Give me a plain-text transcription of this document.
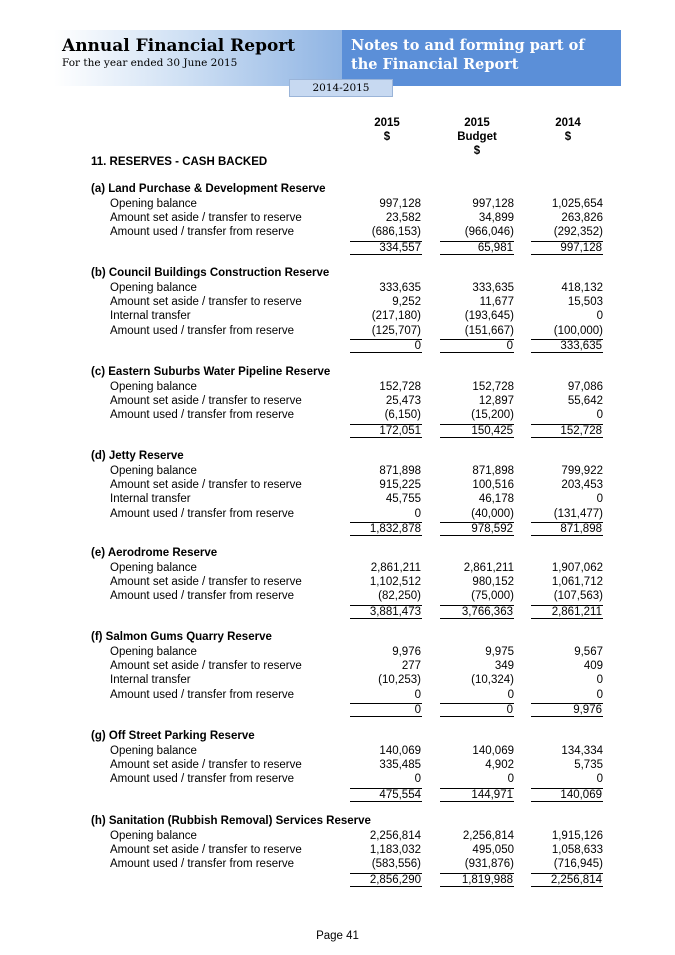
Annual Financial Report
For the year ended 30 June 2015
Notes to and forming part of the Financial Report
2014-2015
2015
$
2015
Budget
$
2014
$
11. RESERVES - CASH BACKED
(a) Land Purchase & Development Reserve
Opening balance	997,128	997,128	1,025,654
Amount set aside / transfer to reserve	23,582	34,899	263,826
Amount used / transfer from reserve	(686,153)	(966,046)	(292,352)
334,557	65,981	997,128
(b) Council Buildings Construction Reserve
Opening balance	333,635	333,635	418,132
Amount set aside / transfer to reserve	9,252	11,677	15,503
Internal transfer	(217,180)	(193,645)	0
Amount used / transfer from reserve	(125,707)	(151,667)	(100,000)
0	0	333,635
(c) Eastern Suburbs Water Pipeline Reserve
Opening balance	152,728	152,728	97,086
Amount set aside / transfer to reserve	25,473	12,897	55,642
Amount used / transfer from reserve	(6,150)	(15,200)	0
172,051	150,425	152,728
(d) Jetty Reserve
Opening balance	871,898	871,898	799,922
Amount set aside / transfer to reserve	915,225	100,516	203,453
Internal transfer	45,755	46,178	0
Amount used / transfer from reserve	0	(40,000)	(131,477)
1,832,878	978,592	871,898
(e) Aerodrome Reserve
Opening balance	2,861,211	2,861,211	1,907,062
Amount set aside / transfer to reserve	1,102,512	980,152	1,061,712
Amount used / transfer from reserve	(82,250)	(75,000)	(107,563)
3,881,473	3,766,363	2,861,211
(f) Salmon Gums Quarry Reserve
Opening balance	9,976	9,975	9,567
Amount set aside / transfer to reserve	277	349	409
Internal transfer	(10,253)	(10,324)	0
Amount used / transfer from reserve	0	0	0
0	0	9,976
(g) Off Street Parking Reserve
Opening balance	140,069	140,069	134,334
Amount set aside / transfer to reserve	335,485	4,902	5,735
Amount used / transfer from reserve	0	0	0
475,554	144,971	140,069
(h) Sanitation (Rubbish Removal) Services Reserve
Opening balance	2,256,814	2,256,814	1,915,126
Amount set aside / transfer to reserve	1,183,032	495,050	1,058,633
Amount used / transfer from reserve	(583,556)	(931,876)	(716,945)
2,856,290	1,819,988	2,256,814
Page 41
